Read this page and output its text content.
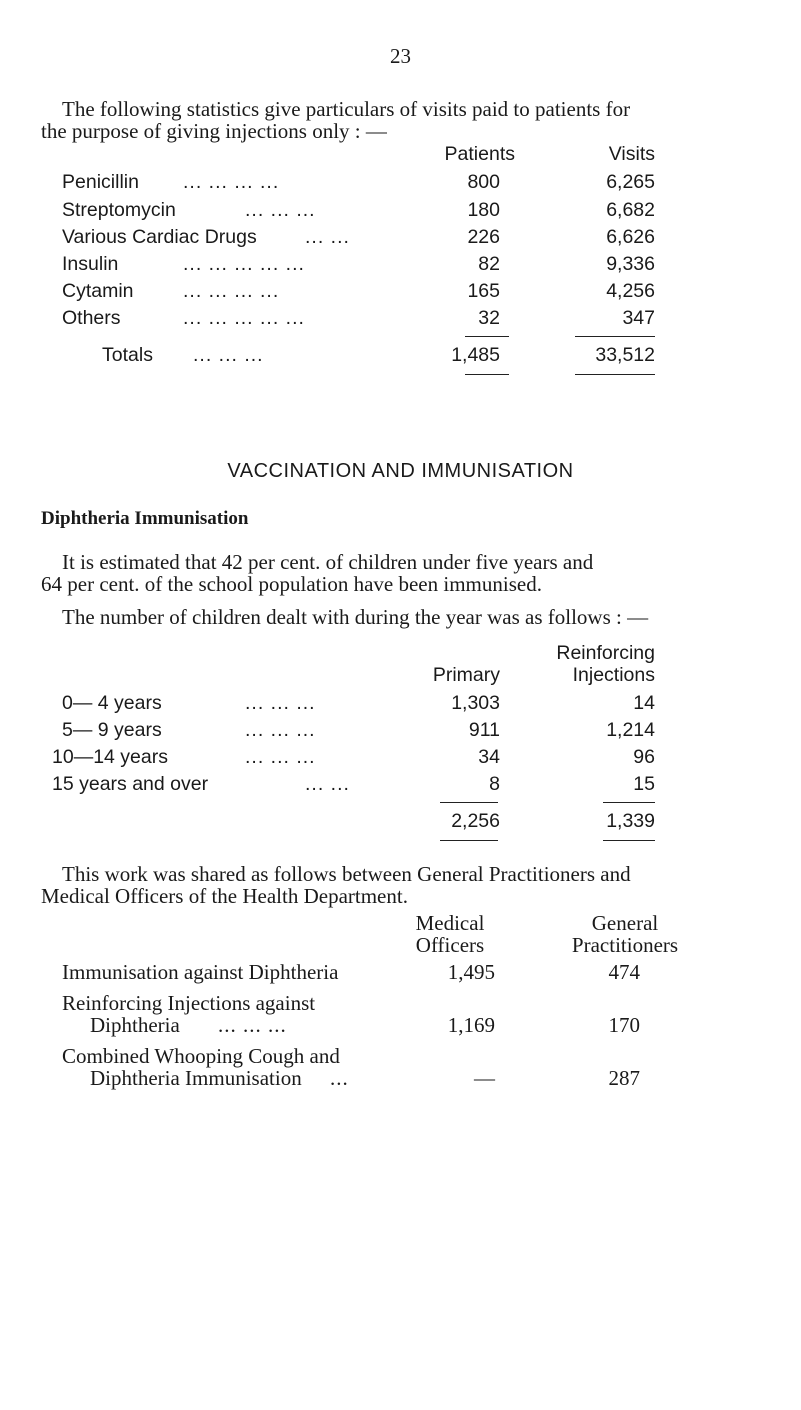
23
The following statistics give particulars of visits paid to patients for
the purpose of giving injections only : —
Patients	Visits
Penicillin ... ... ... ...	800	6,265
Streptomycin	... ... ...	180	6,682
Various Cardiac Drugs ... ...	226	6,626
Insulin	... ... ... ... ...	82	9,336
Cytamin	... ... ... ...	165	4,256
Others	... ... ... ... ...	32	347
Totals ... ... ...	1,485	33,512
VACCINATION AND IMMUNISATION
Diphtheria Immunisation
It is estimated that 42 per cent. of children under five years and
64 per cent. of the school population have been immunised.
The number of children dealt with during the year was as follows : —
Reinforcing
Primary	Injections
0— 4 years	... ... ...	1,303	14
5— 9 years	... ... ...	911	1,214
10—14 years	... ... ...	34	96
15 years and over	... ...	8	15
2,256	1,339
This work was shared as follows between General Practitioners and
Medical Officers of the Health Department.
Medical
Officers
General
Practitioners
Immunisation against Diphtheria	1,495	474
Reinforcing Injections against
Diphtheria ... ... ...	1,169	170
Combined Whooping Cough and
Diphtheria Immunisation ...	—	287
